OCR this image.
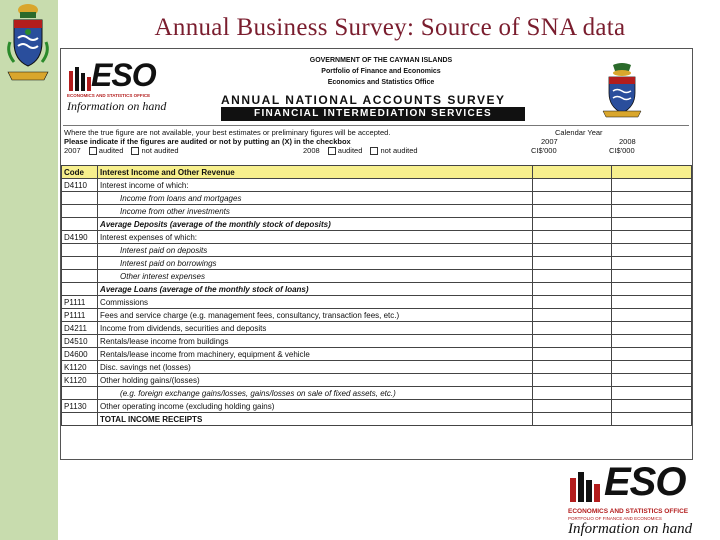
Annual Business Survey: Source of SNA data
ESO
ECONOMICS AND STATISTICS OFFICE
Information on hand
GOVERNMENT OF THE CAYMAN ISLANDS
Portfolio of Finance and Economics
Economics and Statistics Office
ANNUAL NATIONAL ACCOUNTS SURVEY
FINANCIAL INTERMEDIATION SERVICES
Where the true figure are not available, your best estimates or preliminary figures will be accepted.
Please indicate if the figures are audited or not by putting an (X) in the checkbox
2007 audited not audited	2008 audited not audited
Calendar Year
2007	2008
CI$'000	CI$'000
Code	Interest Income and Other Revenue		
D4110	Interest income of which:		
	Income from loans and mortgages		
	Income from other investments		
	Average Deposits (average of the monthly stock of deposits)		
D4190	Interest expenses of which:		
	Interest paid on deposits		
	Interest paid on borrowings		
	Other interest expenses		
	Average Loans (average of the monthly stock of loans)		
P1111	Commissions		
P1111	Fees and service charge (e.g. management fees, consultancy, transaction fees, etc.)		
D4211	Income from dividends, securities and deposits		
D4510	Rentals/lease income from buildings		
D4600	Rentals/lease income from machinery, equipment & vehicle		
K1120	Disc. savings net (losses)		
K1120	Other holding gains/(losses)		
	(e.g. foreign exchange gains/losses, gains/losses on sale of fixed assets, etc.)		
P1130	Other operating income (excluding holding gains)		
	TOTAL INCOME RECEIPTS		
ESO
ECONOMICS AND STATISTICS OFFICE
PORTFOLIO OF FINANCE AND ECONOMICS
Information on hand
